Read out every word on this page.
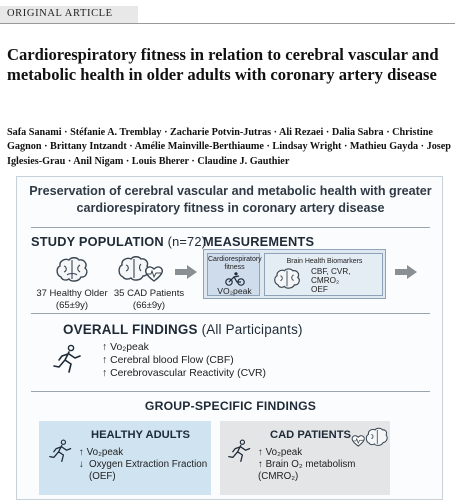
ORIGINAL ARTICLE
Cardiorespiratory fitness in relation to cerebral vascular and metabolic health in older adults with coronary artery disease
Safa Sanami · Stéfanie A. Tremblay · Zacharie Potvin-Jutras · Ali Rezaei · Dalia Sabra · Christine Gagnon · Brittany Intzandt · Amélie Mainville-Berthiaume · Lindsay Wright · Mathieu Gayda · Josep Iglesies-Grau · Anil Nigam · Louis Bherer · Claudine J. Gauthier
Preservation of cerebral vascular and metabolic health with greater
cardiorespiratory fitness in coronary artery disease
STUDY POPULATION (n=72)
37 Healthy Older
(65±9y)
35 CAD Patients
(66±9y)
MEASUREMENTS
Cardiorespiratory
fitness
VO₂peak
Brain Health Biomarkers
CBF, CVR,
CMRO₂
OEF
OVERALL FINDINGS (All Participants)
↑ Vo₂peak
↑ Cerebral blood Flow (CBF)
↑ Cerebrovascular Reactivity (CVR)
GROUP-SPECIFIC FINDINGS
HEALTHY ADULTS
↑ Vo₂peak
↓ Oxygen Extraction Fraction
(OEF)
CAD PATIENTS
↑ Vo₂peak
↑ Brain O₂ metabolism (CMRO₂)
